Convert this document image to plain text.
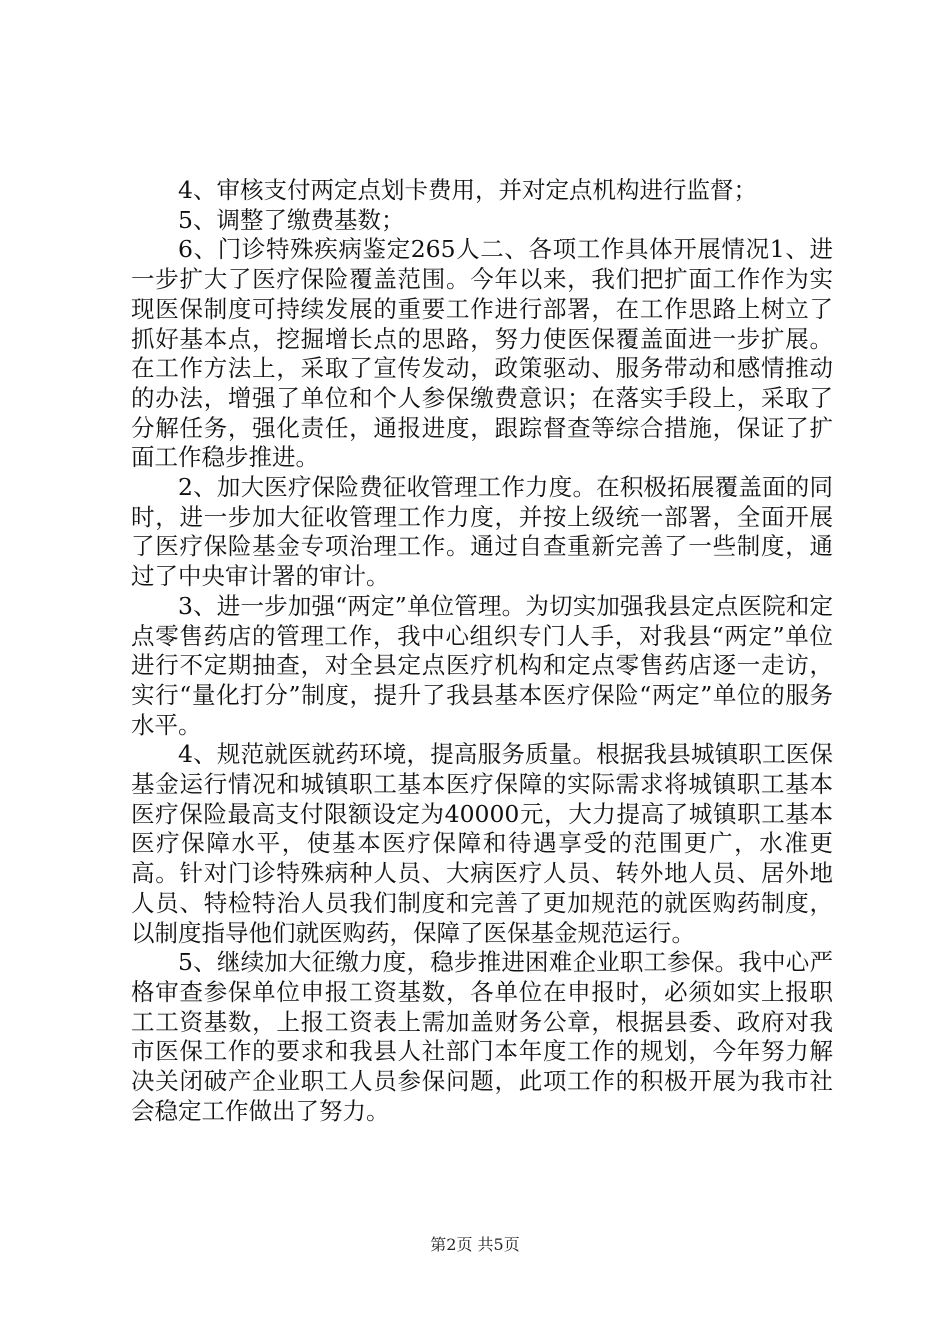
4、审核支付两定点划卡费用，并对定点机构进行监督；

5、调整了缴费基数；

6、门诊特殊疾病鉴定265人二、各项工作具体开展情况1、进一步扩大了医疗保险覆盖范围。今年以来，我们把扩面工作作为实现医保制度可持续发展的重要工作进行部署，在工作思路上树立了抓好基本点，挖掘增长点的思路，努力使医保覆盖面进一步扩展。在工作方法上，采取了宣传发动，政策驱动、服务带动和感情推动的办法，增强了单位和个人参保缴费意识；在落实手段上，采取了分解任务，强化责任，通报进度，跟踪督查等综合措施，保证了扩面工作稳步推进。

2、加大医疗保险费征收管理工作力度。在积极拓展覆盖面的同时，进一步加大征收管理工作力度，并按上级统一部署，全面开展了医疗保险基金专项治理工作。通过自查重新完善了一些制度，通过了中央审计署的审计。

3、进一步加强“两定”单位管理。为切实加强我县定点医院和定点零售药店的管理工作，我中心组织专门人手，对我县“两定”单位进行不定期抽查，对全县定点医疗机构和定点零售药店逐一走访，实行“量化打分”制度，提升了我县基本医疗保险“两定”单位的服务水平。

4、规范就医就药环境，提高服务质量。根据我县城镇职工医保基金运行情况和城镇职工基本医疗保障的实际需求将城镇职工基本医疗保险最高支付限额设定为40000元，大力提高了城镇职工基本医疗保障水平，使基本医疗保障和待遇享受的范围更广，水准更高。针对门诊特殊病种人员、大病医疗人员、转外地人员、居外地人员、特检特治人员我们制度和完善了更加规范的就医购药制度，以制度指导他们就医购药，保障了医保基金规范运行。

5、继续加大征缴力度，稳步推进困难企业职工参保。我中心严格审查参保单位申报工资基数，各单位在申报时，必须如实上报职工工资基数，上报工资表上需加盖财务公章，根据县委、政府对我市医保工作的要求和我县人社部门本年度工作的规划，今年努力解决关闭破产企业职工人员参保问题，此项工作的积极开展为我市社会稳定工作做出了努力。

第2页 共5页
